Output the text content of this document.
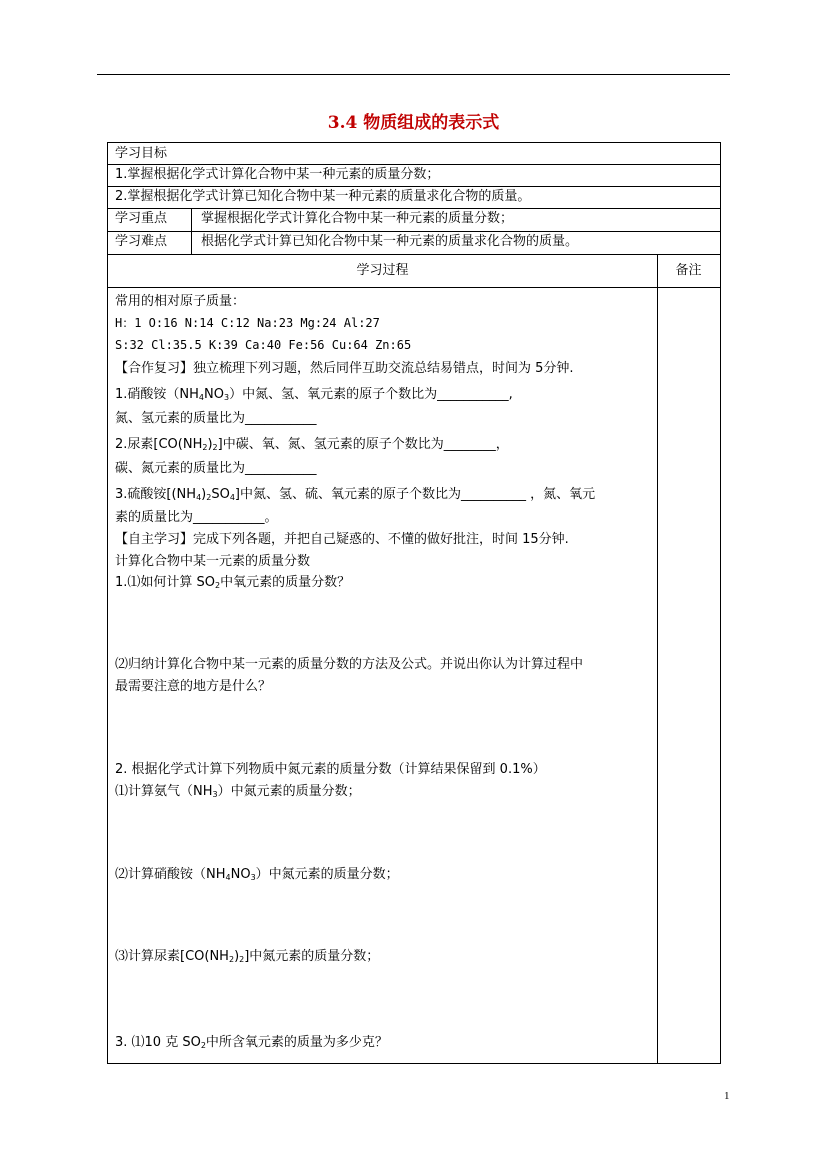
3.4 物质组成的表示式
学习目标
1.掌握根据化学式计算化合物中某一种元素的质量分数；
2.掌握根据化学式计算已知化合物中某一种元素的质量求化合物的质量。
学习重点	掌握根据化学式计算化合物中某一种元素的质量分数；
学习难点	根据化学式计算已知化合物中某一种元素的质量求化合物的质量。
学习过程	备注
常用的相对原子质量：
H：1 O:16 N:14 C:12 Na:23 Mg:24 Al:27
S:32 Cl:35.5 K:39 Ca:40 Fe:56 Cu:64 Zn:65
【合作复习】独立梳理下列习题，然后同伴互助交流总结易错点，时间为 5分钟.
1.硝酸铵$(NH_4NO_3)$中氮、氢、氧元素的原子个数比为___________,
氮、氢元素的质量比为___________
2.尿素$[CO(NH_2)_2]$中碳、氧、氮、氢元素的原子个数比为________，
碳、氮元素的质量比为___________
3.硫酸铵$[(NH_4)_2SO_4]$中氮、氢、硫、氧元素的原子个数比为__________ ，氮、氧元
素的质量比为___________。
【自主学习】完成下列各题，并把自己疑惑的、不懂的做好批注，时间 15分钟.
计算化合物中某一元素的质量分数
1.⑴如何计算 $SO_2$中氧元素的质量分数？
⑵归纳计算化合物中某一元素的质量分数的方法及公式。并说出你认为计算过程中
最需要注意的地方是什么？
2. 根据化学式计算下列物质中氮元素的质量分数（计算结果保留到 0.1%）
⑴计算氨气$(NH_3)$中氮元素的质量分数；
⑵计算硝酸铵$(NH_4NO_3)$中氮元素的质量分数；
⑶计算尿素$[CO(NH_2)_2]$中氮元素的质量分数；
3. ⑴10 克 $SO_2$中所含氧元素的质量为多少克？
1
